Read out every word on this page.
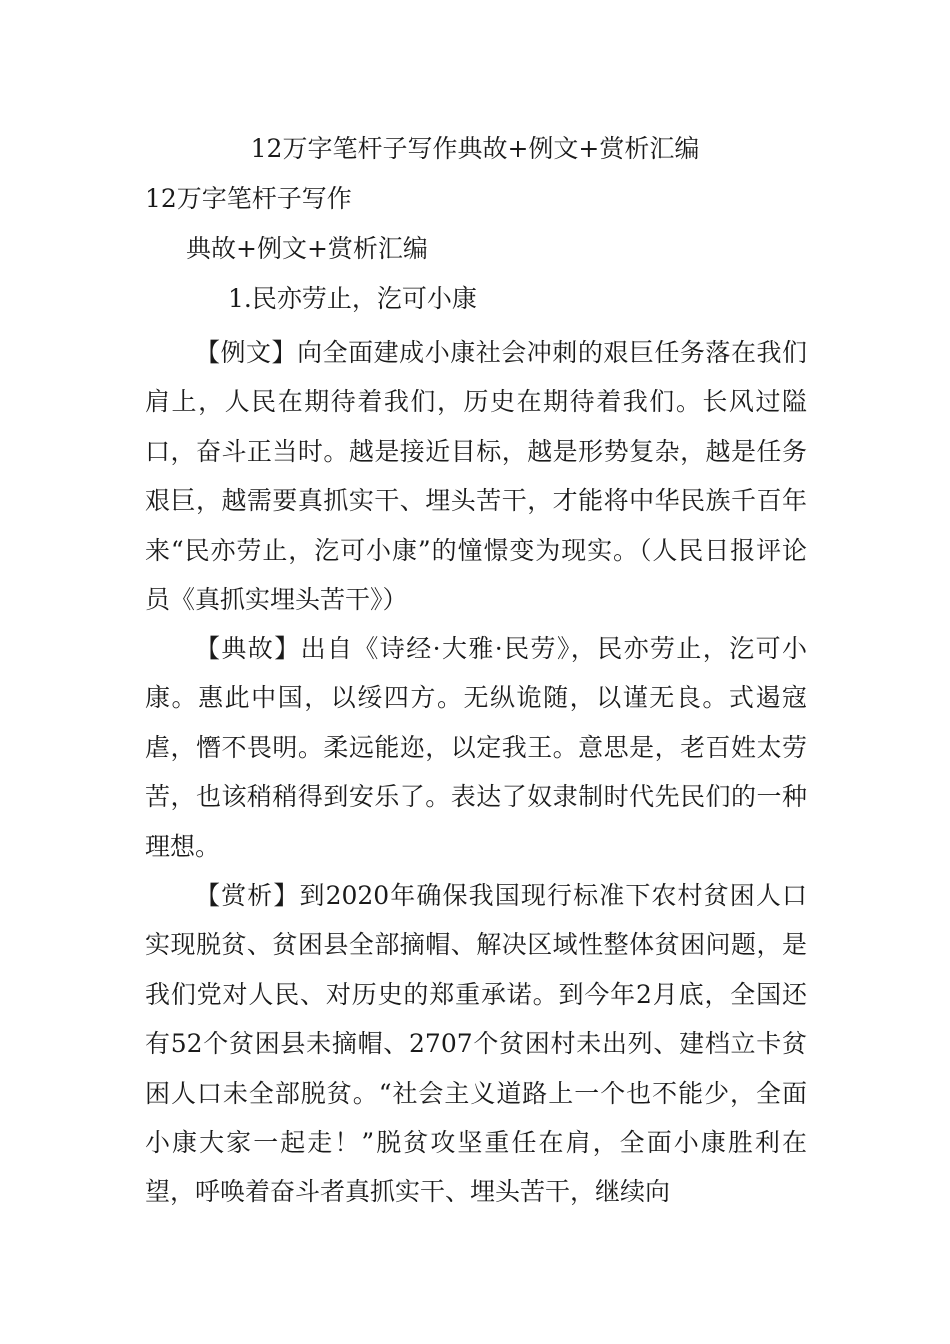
12万字笔杆子写作典故+例文+赏析汇编
12万字笔杆子写作
典故+例文+赏析汇编
1.民亦劳止，汔可小康

【例文】向全面建成小康社会冲刺的艰巨任务落在我们肩上，人民在期待着我们，历史在期待着我们。长风过隘口，奋斗正当时。越是接近目标，越是形势复杂，越是任务艰巨，越需要真抓实干、埋头苦干，才能将中华民族千百年来“民亦劳止，汔可小康”的憧憬变为现实。（人民日报评论员《真抓实埋头苦干》）

【典故】出自《诗经·大雅·民劳》，民亦劳止，汔可小康。惠此中国，以绥四方。无纵诡随，以谨无良。式遏寇虐，憯不畏明。柔远能迩，以定我王。意思是，老百姓太劳苦，也该稍稍得到安乐了。表达了奴隶制时代先民们的一种理想。

【赏析】到2020年确保我国现行标准下农村贫困人口实现脱贫、贫困县全部摘帽、解决区域性整体贫困问题，是我们党对人民、对历史的郑重承诺。到今年2月底，全国还有52个贫困县未摘帽、2707个贫困村未出列、建档立卡贫困人口未全部脱贫。“社会主义道路上一个也不能少，全面小康大家一起走！”脱贫攻坚重任在肩，全面小康胜利在望，呼唤着奋斗者真抓实干、埋头苦干，继续向
